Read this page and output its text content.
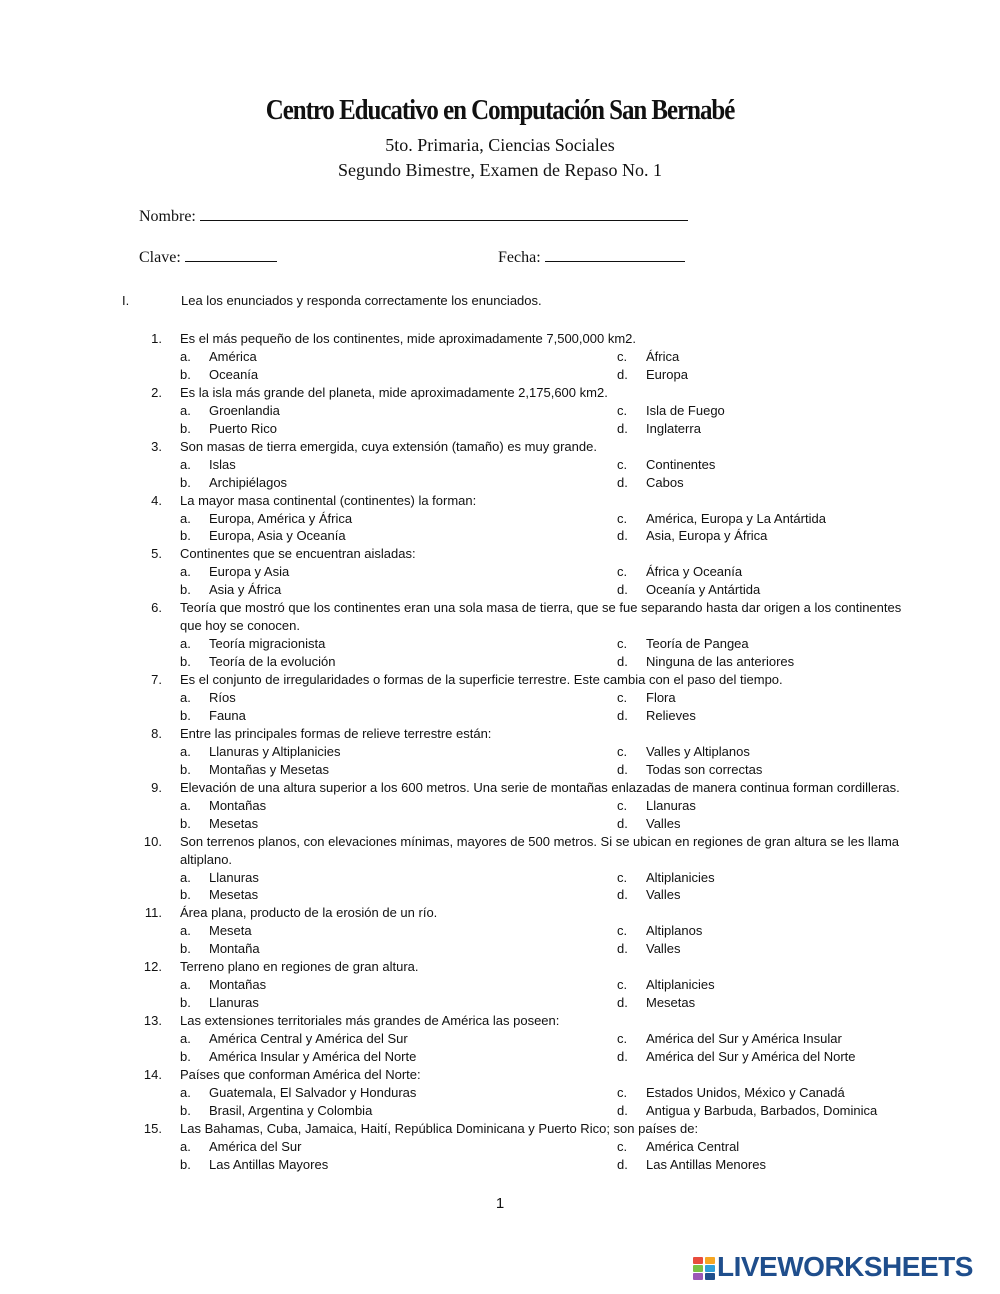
Centro Educativo en Computación San Bernabé
5to. Primaria, Ciencias Sociales
Segundo Bimestre, Examen de Repaso No. 1
Nombre:
Clave:	Fecha:
I.	Lea los enunciados y responda correctamente los enunciados.
1. Es el más pequeño de los continentes, mide aproximadamente 7,500,000 km2.
a. América	c. África
b. Oceanía	d. Europa
2. Es la isla más grande del planeta, mide aproximadamente 2,175,600 km2.
a. Groenlandia	c. Isla de Fuego
b. Puerto Rico	d. Inglaterra
3. Son masas de tierra emergida, cuya extensión (tamaño) es muy grande.
a. Islas	c. Continentes
b. Archipiélagos	d. Cabos
4. La mayor masa continental (continentes) la forman:
a. Europa, América y África	c. América, Europa y La Antártida
b. Europa, Asia y Oceanía	d. Asia, Europa y África
5. Continentes que se encuentran aisladas:
a. Europa y Asia	c. África y Oceanía
b. Asia y África	d. Oceanía y Antártida
6. Teoría que mostró que los continentes eran una sola masa de tierra, que se fue separando hasta dar origen a los continentes
que hoy se conocen.
a. Teoría migracionista	c. Teoría de Pangea
b. Teoría de la evolución	d. Ninguna de las anteriores
7. Es el conjunto de irregularidades o formas de la superficie terrestre. Este cambia con el paso del tiempo.
a. Ríos	c. Flora
b. Fauna	d. Relieves
8. Entre las principales formas de relieve terrestre están:
a. Llanuras y Altiplanicies	c. Valles y Altiplanos
b. Montañas y Mesetas	d. Todas son correctas
9. Elevación de una altura superior a los 600 metros. Una serie de montañas enlazadas de manera continua forman cordilleras.
a. Montañas	c. Llanuras
b. Mesetas	d. Valles
10. Son terrenos planos, con elevaciones mínimas, mayores de 500 metros. Si se ubican en regiones de gran altura se les llama
altiplano.
a. Llanuras	c. Altiplanicies
b. Mesetas	d. Valles
11. Área plana, producto de la erosión de un río.
a. Meseta	c. Altiplanos
b. Montaña	d. Valles
12. Terreno plano en regiones de gran altura.
a. Montañas	c. Altiplanicies
b. Llanuras	d. Mesetas
13. Las extensiones territoriales más grandes de América las poseen:
a. América Central y América del Sur	c. América del Sur y América Insular
b. América Insular y América del Norte	d. América del Sur y América del Norte
14. Países que conforman América del Norte:
a. Guatemala, El Salvador y Honduras	c. Estados Unidos, México y Canadá
b. Brasil, Argentina y Colombia	d. Antigua y Barbuda, Barbados, Dominica
15. Las Bahamas, Cuba, Jamaica, Haití, República Dominicana y Puerto Rico; son países de:
a. América del Sur	c. América Central
b. Las Antillas Mayores	d. Las Antillas Menores
1
LIVEWORKSHEETS
